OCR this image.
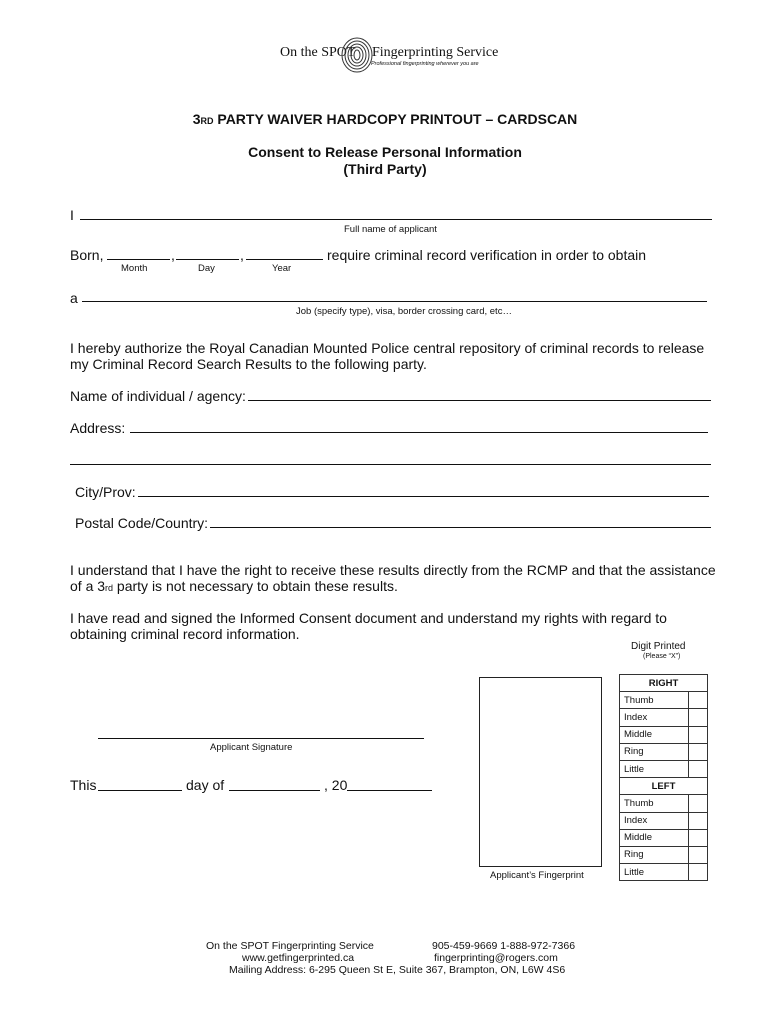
On the SPOT Fingerprinting Service
Professional fingerprinting wherever you are
3RD PARTY WAIVER HARDCOPY PRINTOUT – CARDSCAN
Consent to Release Personal Information
(Third Party)
I
Full name of applicant
Born,	,	,	require criminal record verification in order to obtain
Month	Day	Year
a
Job (specify type), visa, border crossing card, etc…
I hereby authorize the Royal Canadian Mounted Police central repository of criminal records to release
my Criminal Record Search Results to the following party.
Name of individual / agency:
Address:
City/Prov:
Postal Code/Country:
I understand that I have the right to receive these results directly from the RCMP and that the assistance
of a 3rd party is not necessary to obtain these results.
I have read and signed the Informed Consent document and understand my rights with regard to
obtaining criminal record information.
Applicant Signature
This	day of	, 20
Digit Printed
(Please “X”)
Applicant’s Fingerprint
RIGHT	
Thumb	
Index	
Middle	
Ring	
Little	
LEFT	
Thumb	
Index	
Middle	
Ring	
Little	
On the SPOT Fingerprinting Service	905-459-9669 1-888-972-7366
www.getfingerprinted.ca	fingerprinting@rogers.com
Mailing Address: 6-295 Queen St E, Suite 367, Brampton, ON, L6W 4S6
